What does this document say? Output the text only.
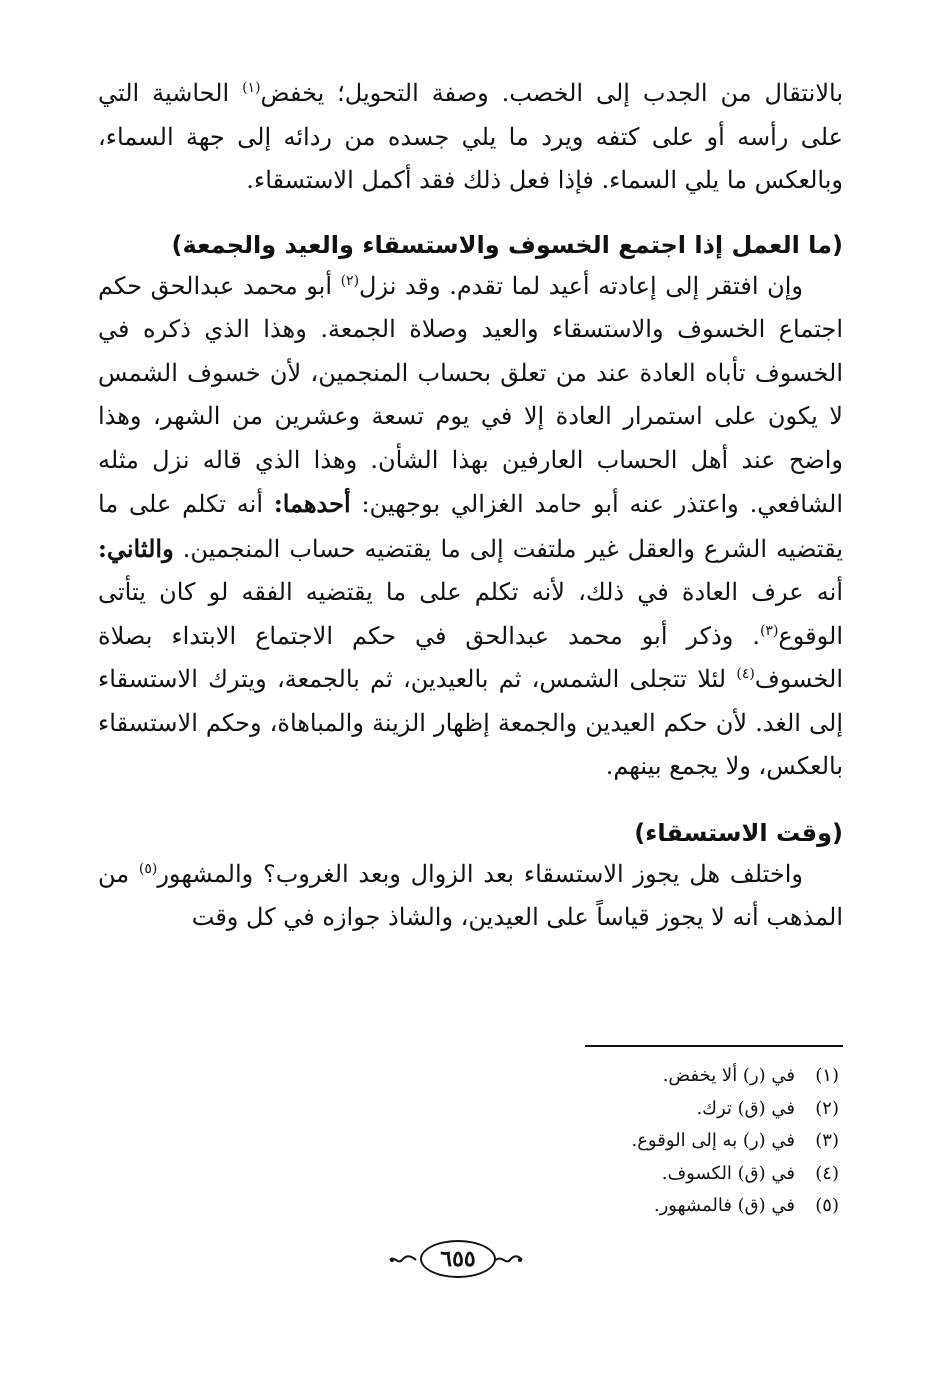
بالانتقال من الجدب إلى الخصب. وصفة التحويل؛ يخفض$^{(١)}$ الحاشية التي على رأسه أو على كتفه ويرد ما يلي جسده من ردائه إلى جهة السماء، وبالعكس ما يلي السماء. فإذا فعل ذلك فقد أكمل الاستسقاء.

(ما العمل إذا اجتمع الخسوف والاستسقاء والعيد والجمعة)

وإن افتقر إلى إعادته أعيد لما تقدم. وقد نزل$^{(٢)}$ أبو محمد عبدالحق حكم اجتماع الخسوف والاستسقاء والعيد وصلاة الجمعة. وهذا الذي ذكره في الخسوف تأباه العادة عند من تعلق بحساب المنجمين، لأن خسوف الشمس لا يكون على استمرار العادة إلا في يوم تسعة وعشرين من الشهر، وهذا واضح عند أهل الحساب العارفين بهذا الشأن. وهذا الذي قاله نزل مثله الشافعي. واعتذر عنه أبو حامد الغزالي بوجهين: أحدهما: أنه تكلم على ما يقتضيه الشرع والعقل غير ملتفت إلى ما يقتضيه حساب المنجمين. والثاني: أنه عرف العادة في ذلك، لأنه تكلم على ما يقتضيه الفقه لو كان يتأتى الوقوع$^{(٣)}$. وذكر أبو محمد عبدالحق في حكم الاجتماع الابتداء بصلاة الخسوف$^{(٤)}$ لئلا تتجلى الشمس، ثم بالعيدين، ثم بالجمعة، ويترك الاستسقاء إلى الغد. لأن حكم العيدين والجمعة إظهار الزينة والمباهاة، وحكم الاستسقاء بالعكس، ولا يجمع بينهم.

(وقت الاستسقاء)

واختلف هل يجوز الاستسقاء بعد الزوال وبعد الغروب؟ والمشهور$^{(٥)}$ من المذهب أنه لا يجوز قياساً على العيدين، والشاذ جوازه في كل وقت

(١)
في (ر) ألا يخفض.
(٢)
في (ق) ترك.
(٣)
في (ر) به إلى الوقوع.
(٤)
في (ق) الكسوف.
(٥)
في (ق) فالمشهور.
٦٥٥
